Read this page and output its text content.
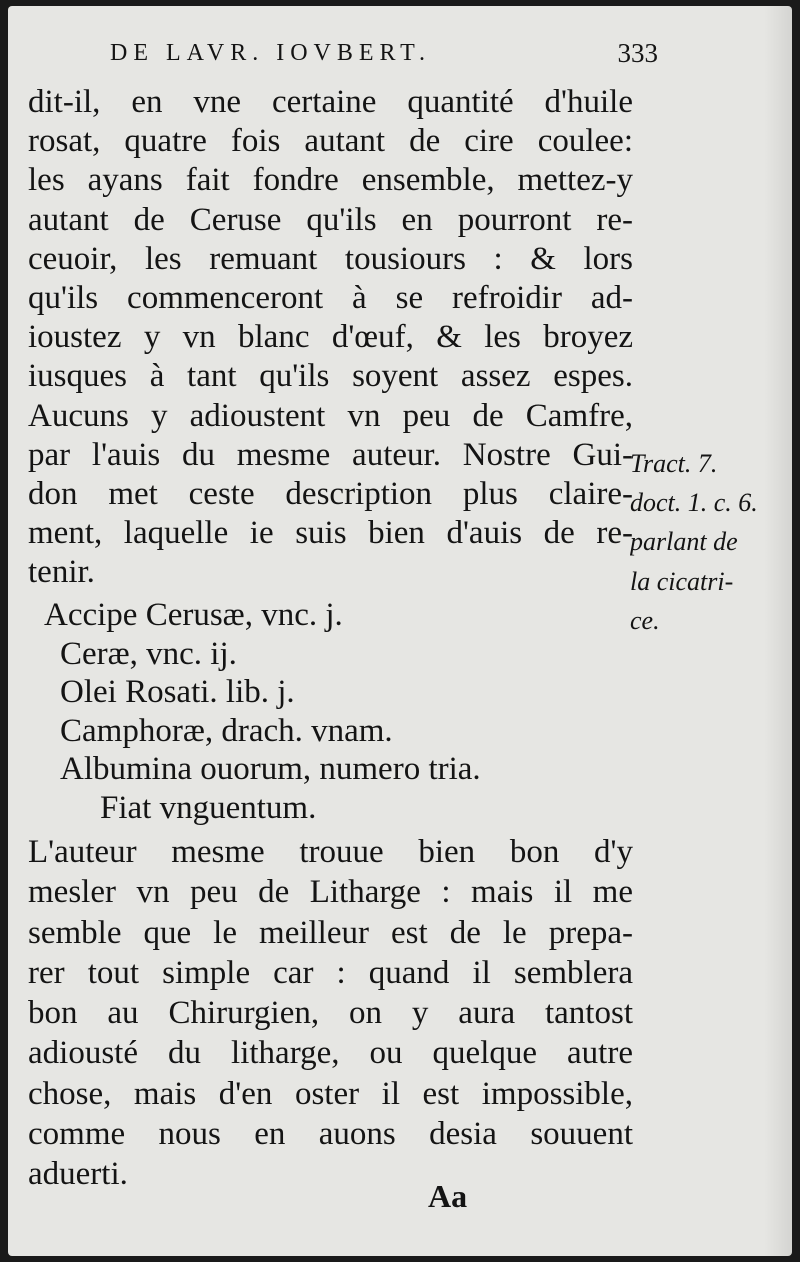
DE LAVR. IOVBERT.	333
dit-il, en vne certaine quantité d'huile
rosat, quatre fois autant de cire coulee:
les ayans fait fondre ensemble, mettez-y
autant de Ceruse qu'ils en pourront re-
ceuoir, les remuant tousiours : & lors
qu'ils commenceront à se refroidir ad-
ioustez y vn blanc d'œuf, & les broyez
iusques à tant qu'ils soyent assez espes.
Aucuns y adioustent vn peu de Camfre,
par l'auis du mesme auteur. Nostre Gui-
don met ceste description plus claire-
ment, laquelle ie suis bien d'auis de re-
tenir.
Tract. 7.
doct. 1. c. 6.
parlant de
la cicatri-
ce.
Accipe Cerusæ, vnc. j.
Ceræ, vnc. ij.
Olei Rosati. lib. j.
Camphoræ, drach. vnam.
Albumina ouorum, numero tria.
Fiat vnguentum.
L'auteur mesme trouue bien bon d'y
mesler vn peu de Litharge : mais il me
semble que le meilleur est de le prepa-
rer tout simple car : quand il semblera
bon au Chirurgien, on y aura tantost
adiousté du litharge, ou quelque autre
chose, mais d'en oster il est impossible,
comme nous en auons desia souuent
aduerti.
Aa
